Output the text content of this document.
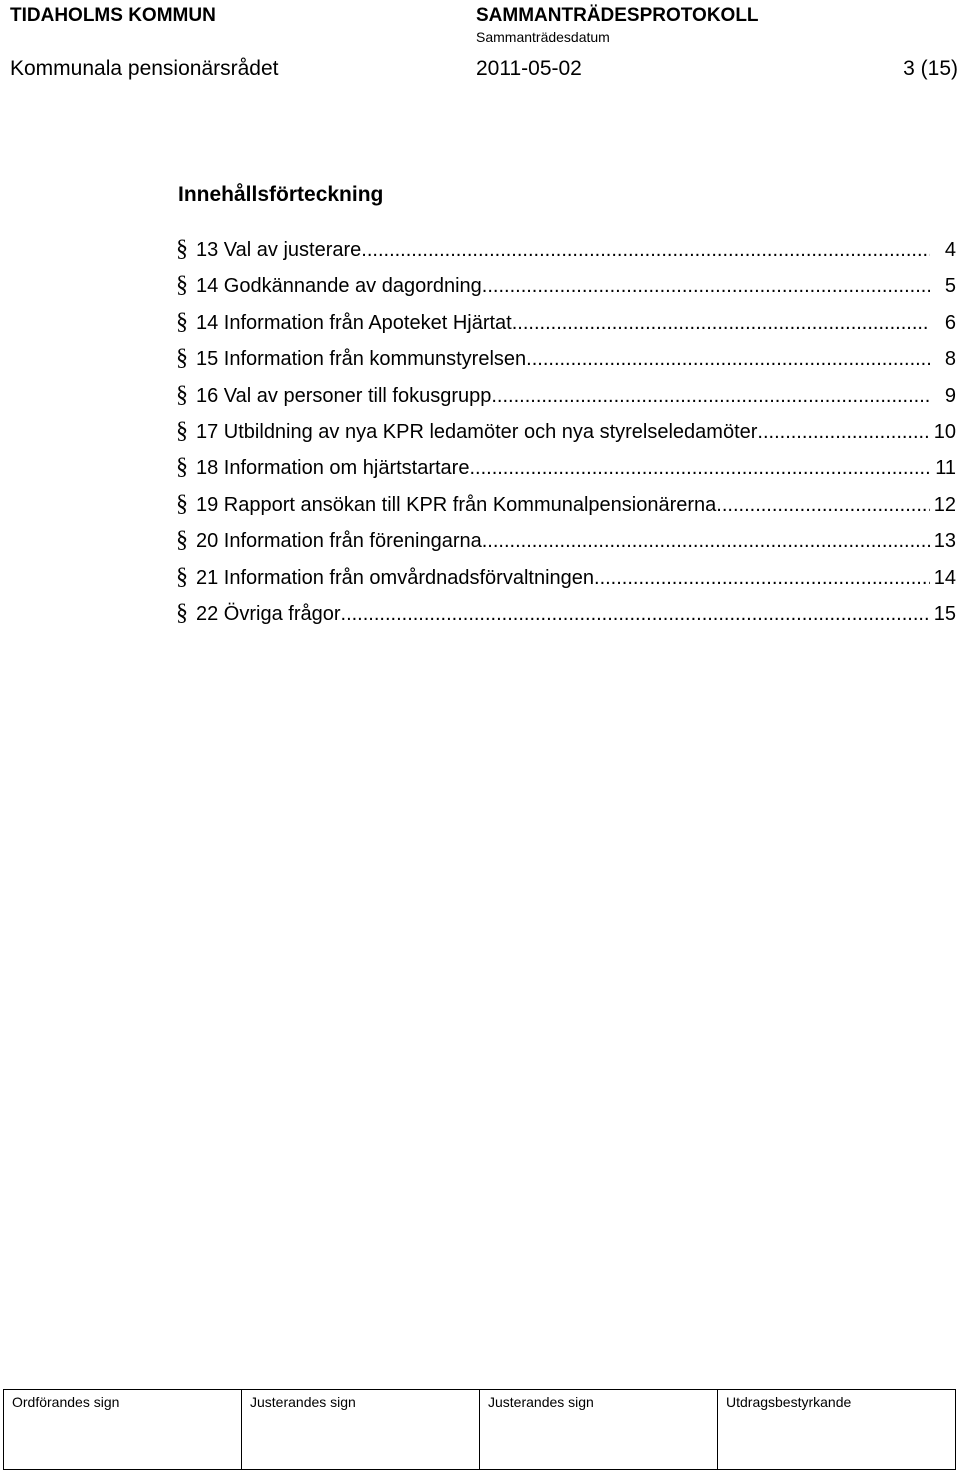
TIDAHOLMS KOMMUN	SAMMANTRÄDESPROTOKOLL
Sammanträdesdatum
Kommunala pensionärsrådet	2011-05-02	3 (15)
Innehållsförteckning
§ 13 Val av justerare .....	4
§ 14 Godkännande av dagordning .....	5
§ 14 Information från Apoteket Hjärtat .....	6
§ 15 Information från kommunstyrelsen .....	8
§ 16 Val av personer till fokusgrupp .....	9
§ 17 Utbildning av nya KPR ledamöter och nya styrelseledamöter .....	10
§ 18 Information om hjärtstartare .....	11
§ 19 Rapport ansökan till KPR från Kommunalpensionärerna .....	12
§ 20 Information från föreningarna .....	13
§ 21 Information från omvårdnadsförvaltningen .....	14
§ 22 Övriga frågor .....	15
Ordförandes sign	Justerandes sign	Justerandes sign	Utdragsbestyrkande
